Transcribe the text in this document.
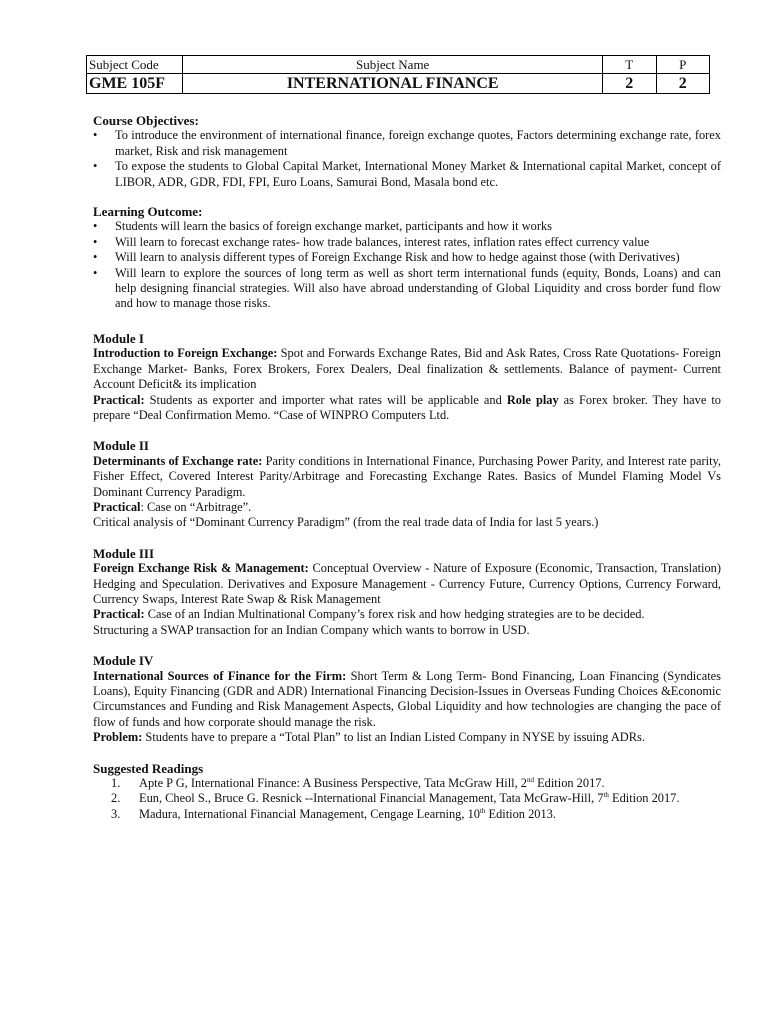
Subject Code	Subject Name	T	P
GME 105F	INTERNATIONAL FINANCE	2	2

Course Objectives:

•	To introduce the environment of international finance, foreign exchange quotes, Factors determining exchange rate, forex market, Risk and risk management
•	To expose the students to Global Capital Market, International Money Market & International capital Market, concept of LIBOR, ADR, GDR, FDI, FPI, Euro Loans, Samurai Bond, Masala bond etc.

Learning Outcome:

•	Students will learn the basics of foreign exchange market, participants and how it works
•	Will learn to forecast exchange rates- how trade balances, interest rates, inflation rates effect currency value
•	Will learn to analysis different types of Foreign Exchange Risk and how to hedge against those (with Derivatives)
•	Will learn to explore the sources of long term as well as short term international funds (equity, Bonds, Loans) and can help designing financial strategies. Will also have abroad understanding of Global Liquidity and cross border fund flow and how to manage those risks.

Module I

Introduction to Foreign Exchange: Spot and Forwards Exchange Rates, Bid and Ask Rates, Cross Rate Quotations- Foreign Exchange Market- Banks, Forex Brokers, Forex Dealers, Deal finalization & settlements. Balance of payment- Current Account Deficit& its implication

Practical: Students as exporter and importer what rates will be applicable and Role play as Forex broker. They have to prepare “Deal Confirmation Memo. “Case of WINPRO Computers Ltd.

Module II

Determinants of Exchange rate: Parity conditions in International Finance, Purchasing Power Parity, and Interest rate parity, Fisher Effect, Covered Interest Parity/Arbitrage and Forecasting Exchange Rates. Basics of Mundel Flaming Model Vs Dominant Currency Paradigm.

Practical: Case on “Arbitrage”.

Critical analysis of “Dominant Currency Paradigm” (from the real trade data of India for last 5 years.)

Module III

Foreign Exchange Risk & Management: Conceptual Overview - Nature of Exposure (Economic, Transaction, Translation) Hedging and Speculation. Derivatives and Exposure Management - Currency Future, Currency Options, Currency Forward, Currency Swaps, Interest Rate Swap & Risk Management

Practical: Case of an Indian Multinational Company’s forex risk and how hedging strategies are to be decided.

Structuring a SWAP transaction for an Indian Company which wants to borrow in USD.

Module IV

International Sources of Finance for the Firm: Short Term & Long Term- Bond Financing, Loan Financing (Syndicates Loans), Equity Financing (GDR and ADR) International Financing Decision-Issues in Overseas Funding Choices &Economic Circumstances and Funding and Risk Management Aspects, Global Liquidity and how technologies are changing the pace of flow of funds and how corporate should manage the risk.

Problem: Students have to prepare a “Total Plan” to list an Indian Listed Company in NYSE by issuing ADRs.

Suggested Readings

1.	Apte P G, International Finance: A Business Perspective, Tata McGraw Hill, 2nd Edition 2017.
2.	Eun, Cheol S., Bruce G. Resnick --International Financial Management, Tata McGraw-Hill, 7th Edition 2017.
3.	Madura, International Financial Management, Cengage Learning, 10th Edition 2013.
